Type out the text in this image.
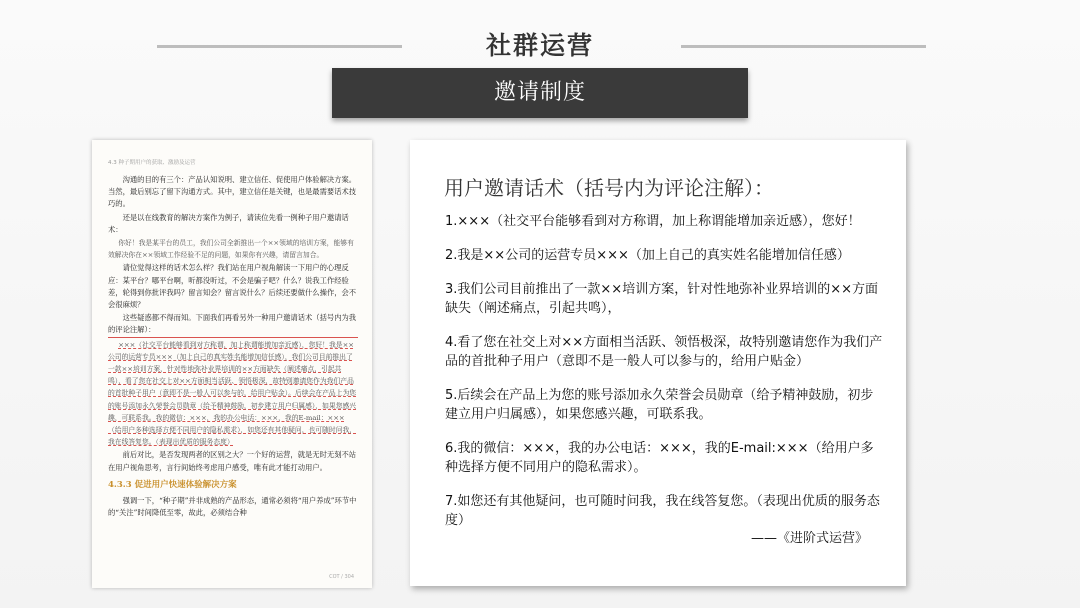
社群运营
邀请制度
4.3 种子期用户的获取、激励及运营

沟通的目的有三个：产品认知说明、建立信任、促使用户体验解决方案。当然，最后别忘了留下沟通方式。其中，建立信任是关键，也是最需要话术技巧的。

还是以在线教育的解决方案作为例子，请读位先看一例种子用户邀请话术：

你好！我是某平台的员工，我们公司全新推出一个××领域的培训方案，能够有效解决你在××领域工作经验不足的问题，如果你有兴趣，请留言加合。

请位觉得这样的话术怎么样？我们站在用户视角解读一下用户的心理反应：某平台？哪平台啊，听都没听过，不会是骗子吧？什么？说我工作经验差，轮得到你批评我吗？留言知会？留言说什么？后续还要做什么操作，会不会很麻烦？

这些疑惑都不得而知。下面我们再看另外一种用户邀请话术（括号内为我的评论注解）：

×××（社交平台能够看到对方称谓，加上称谓能增加亲近感），您好！我是××公司的运营专员×××（加上自己的真实姓名能增加信任感），我们公司目前推出了一款××培训方案，针对性地弥补业界培训的××方面缺失（阐述痛点，引起共鸣），看了您在社交上对××方面相当活跃、领悟极深，故特别邀请您作为我们产品的首批种子用户（意即不是一般人可以参与的，给用户贴金）。后续会在产品上为您的账号添加永久荣誉会员勋章（给予精神鼓励，初步建立用户归属感），如果您感兴趣，可联系我。我的微信：×××，我的办公电话：×××，我的E-mail：×××（给用户多种选择方便不同用户的隐私需求），如您还有其他疑问，也可随时问我，我在线答复您。（表现出优质的服务态度）

前后对比，是否发现两者的区别之大？一个好的运营，就是无时无刻不站在用户视角思考，言行间始终考虑用户感受，唯有此才能打动用户。

4.3.3 促进用户快速体验解决方案

强调一下，“种子期”并非成熟的产品形态，通常必须将“用户养成”环节中的“关注”时间降低至零，故此，必须结合种

COT / 304
用户邀请话术（括号内为评论注解）：
1.×××（社交平台能够看到对方称谓，加上称谓能增加亲近感），您好！
2.我是××公司的运营专员×××（加上自己的真实姓名能增加信任感）
3.我们公司目前推出了一款××培训方案，针对性地弥补业界培训的××方面缺失（阐述痛点，引起共鸣），
4.看了您在社交上对××方面相当活跃、领悟极深，故特别邀请您作为我们产品的首批种子用户（意即不是一般人可以参与的，给用户贴金）
5.后续会在产品上为您的账号添加永久荣誉会员勋章（给予精神鼓励，初步建立用户归属感），如果您感兴趣，可联系我。
6.我的微信：×××，我的办公电话：×××，我的E-mail:×××（给用户多种选择方便不同用户的隐私需求）。
7.如您还有其他疑问，也可随时问我，我在线答复您。（表现出优质的服务态度）
——《进阶式运营》
